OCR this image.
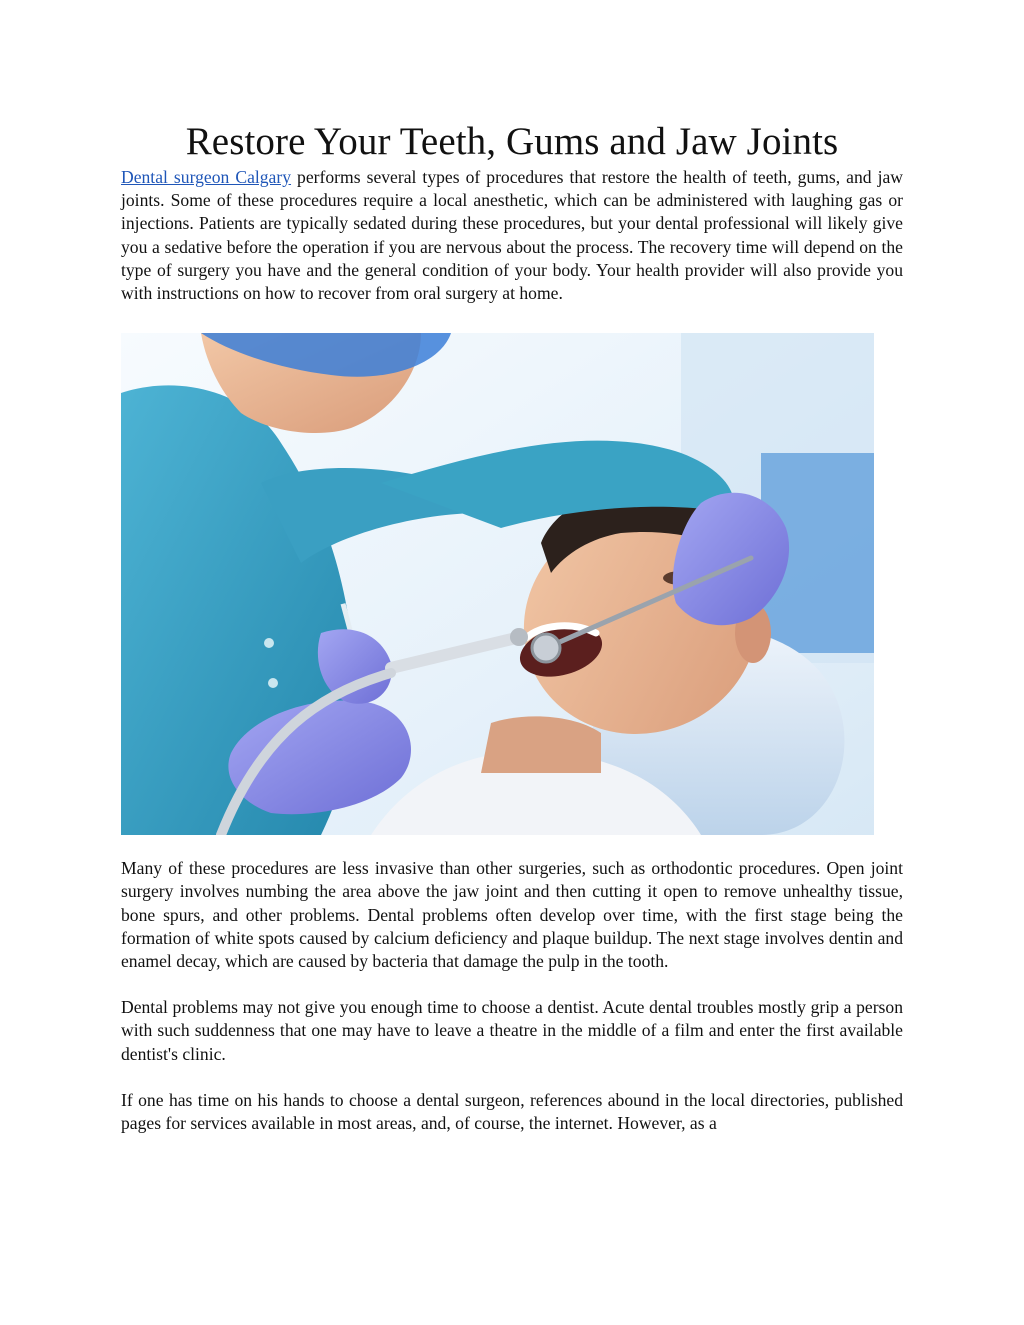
Restore Your Teeth, Gums and Jaw Joints

Dental surgeon Calgary performs several types of procedures that restore the health of teeth, gums, and jaw joints. Some of these procedures require a local anesthetic, which can be administered with laughing gas or injections. Patients are typically sedated during these procedures, but your dental professional will likely give you a sedative before the operation if you are nervous about the process. The recovery time will depend on the type of surgery you have and the general condition of your body. Your health provider will also provide you with instructions on how to recover from oral surgery at home.

Many of these procedures are less invasive than other surgeries, such as orthodontic procedures. Open joint surgery involves numbing the area above the jaw joint and then cutting it open to remove unhealthy tissue, bone spurs, and other problems. Dental problems often develop over time, with the first stage being the formation of white spots caused by calcium deficiency and plaque buildup. The next stage involves dentin and enamel decay, which are caused by bacteria that damage the pulp in the tooth.

Dental problems may not give you enough time to choose a dentist. Acute dental troubles mostly grip a person with such suddenness that one may have to leave a theatre in the middle of a film and enter the first available dentist's clinic.

If one has time on his hands to choose a dental surgeon, references abound in the local directories, published pages for services available in most areas, and, of course, the internet. However, as a
